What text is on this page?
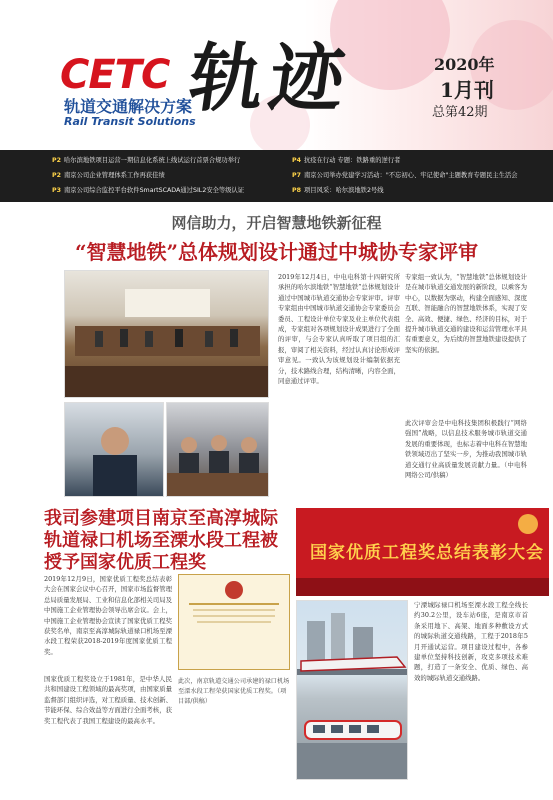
CETC
轨道交通解决方案
Rail Transit Solutions
轨迹	2020年
1月刊
总第42期
P2 哈尔滨地铁项目运营一期信息化系统上线试运行首票合规功举行	P4 抗疫在行动 专题：铁路重的逆行者
P2 南京公司企业管理体系工作再获佳绩	P7 南京公司举办党建学习活动："不忘初心、牢记使命"主题教育专题民主生活会
P3 南京公司综合监控平台软件SmartSCADA通过SIL2安全等级认证	P8 项目风采：哈尔滨地铁2号线
网信助力，开启智慧地铁新征程
“智慧地铁”总体规划设计通过中城协专家评审
2019年12月4日，中电电科第十四研究所承担的哈尔滨地铁“智慧地铁”总体规划设计通过中国城市轨道交通协会专家评审。评审专家组由中国城市轨道交通协会专家委员会委员、工程设计单位专家及业主单位代表组成，专家组对各项规划设计成果进行了全面的评审，与会专家认真听取了项目组的汇报，审阅了相关资料，经过认真讨论形成评审意见。一致认为该规划设计编制依据充分，技术路线合理，结构清晰，内容全面，同意通过评审。
专家组一致认为，“智慧地铁”总体规划设计是在城市轨道交通发展的新阶段，以乘客为中心，以数据为驱动，构建全面感知、深度互联、智能融合的智慧地铁体系，实现了安全、高效、便捷、绿色、经济的目标，对于提升城市轨道交通的建设和运营管理水平具有重要意义，为后续的智慧地铁建设提供了坚实的依据。
此次评审会是中电科技集团积极践行“网络强国”战略，以信息技术服务城市轨道交通发展的重要体现，也标志着中电科在智慧地铁领域迈出了坚实一步，为推动我国城市轨道交通行业高质量发展贡献力量。（中电科网络公司/供稿）
我司参建项目南京至高淳城际轨道禄口机场至溧水段工程被授予国家优质工程奖
2019年12月9日，国家优质工程奖总结表彰大会在国家会议中心召开，国家市场监督管理总局质量发展局、工业和信息化部相关司局及中国施工企业管理协会领导出席会议。会上，中国施工企业管理协会宣读了国家优质工程奖获奖名单，南京至高淳城际轨道禄口机场至溧水段工程荣获2018-2019年度国家优质工程奖。
国家优质工程奖设立于1981年，是中华人民共和国建设工程领域的最高奖项，由国家质量监督部门组织评选，对工程质量、技术创新、节能环保、综合效益等方面进行全面考核，获奖工程代表了我国工程建设的最高水平。
此次，南京轨道交通公司承建的禄口机场至溧水段工程荣获国家优质工程奖。（项目部/供稿）
国家优质工程奖总结表彰大会
宁溧城际禄口机场至溧水段工程全线长约30.2公里，设车站6座，是南京市首条采用地下、高架、地面多种敷设方式的城际轨道交通线路，工程于2018年5月开通试运营。项目建设过程中，各参建单位坚持科技创新，攻克多项技术难题，打造了一条安全、优质、绿色、高效的城际轨道交通线路。
